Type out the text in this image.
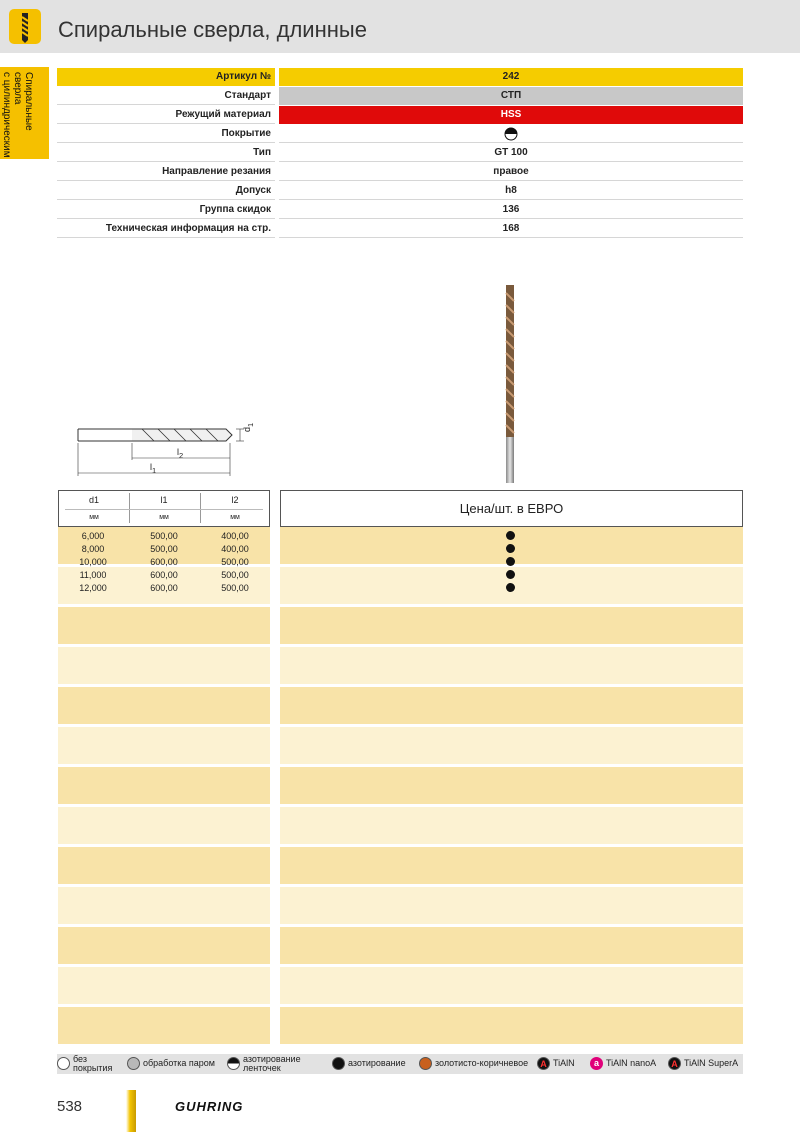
Спиральные сверла, длинные
Спиральные сверла
с цилиндрическим	Артикул №	242
Стандарт	СТП
Режущий материал	HSS
Покрытие
Тип	GT 100
Направление резания	правое
Допуск	h8
Группа скидок	136
Техническая информация на стр.	168
$d_1$
$l_2$
$l_1$
d1	l1	l2
мм	мм	мм
Цена/шт. в ЕВРО
6,000	500,00	400,00
8,000	500,00	400,00
10,000	600,00	500,00
11,000	600,00	500,00
12,000	600,00	500,00
без
покрытия	обработка паром	азотирование
ленточек	азотирование	золотисто-коричневое	A TiAlN	a TiAlN nanoA	A TiAlN SuperA
538	GUHRING
